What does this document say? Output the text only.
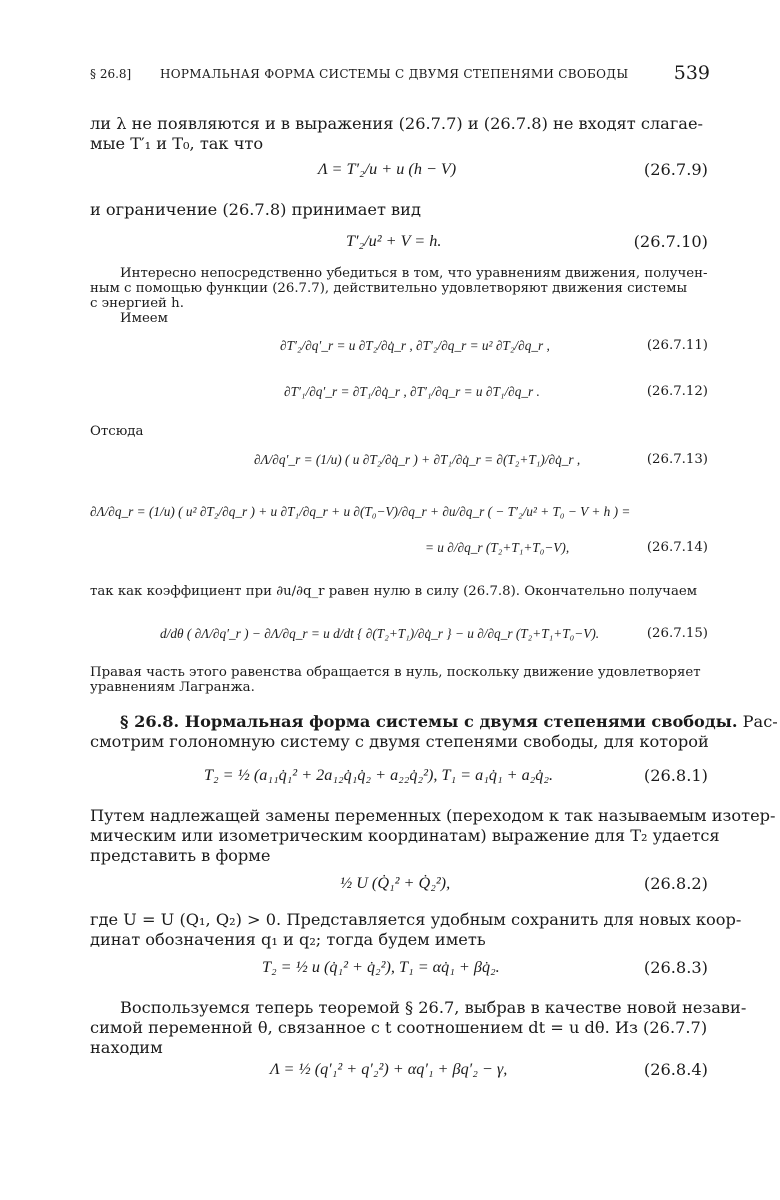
§ 26.8] НОРМАЛЬНАЯ ФОРМА СИСТЕМЫ С ДВУМЯ СТЕПЕНЯМИ СВОБОДЫ 539
ли λ не появляются и в выражения (26.7.7) и (26.7.8) не входят слагае-
мые T′₁ и T₀, так что
Λ = T′₂/u + u (h − V)	(26.7.9)
и ограничение (26.7.8) принимает вид
T′₂/u² + V = h.	(26.7.10)
Интересно непосредственно убедиться в том, что уравнениям движения, получен-
ным с помощью функции (26.7.7), действительно удовлетворяют движения системы
с энергией h.
Имеем
∂T′₂/∂q′_r = u ∂T₂/∂q̇_r , ∂T′₂/∂q_r = u² ∂T₂/∂q_r ,	(26.7.11)
∂T′₁/∂q′_r = ∂T₁/∂q̇_r , ∂T′₁/∂q_r = u ∂T₁/∂q_r .	(26.7.12)
Отсюда
∂Λ/∂q′_r = (1/u) ( u ∂T₂/∂q̇_r ) + ∂T₁/∂q̇_r = ∂(T₂+T₁)/∂q̇_r ,	(26.7.13)
∂Λ/∂q_r = (1/u) ( u² ∂T₂/∂q_r ) + u ∂T₁/∂q_r + u ∂(T₀−V)/∂q_r + ∂u/∂q_r ( − T′₂/u² + T₀ − V + h ) =
= u ∂/∂q_r (T₂+T₁+T₀−V),	(26.7.14)
так как коэффициент при ∂u/∂q_r равен нулю в силу (26.7.8). Окончательно получаем
d/dθ ( ∂Λ/∂q′_r ) − ∂Λ/∂q_r = u d/dt { ∂(T₂+T₁)/∂q̇_r } − u ∂/∂q_r (T₂+T₁+T₀−V).	(26.7.15)
Правая часть этого равенства обращается в нуль, поскольку движение удовлетворяет
уравнениям Лагранжа.
§ 26.8. Нормальная форма системы с двумя степенями свободы. Рас-
смотрим голономную систему с двумя степенями свободы, для которой
T₂ = ½ (a₁₁q̇₁² + 2a₁₂q̇₁q̇₂ + a₂₂q̇₂²), T₁ = a₁q̇₁ + a₂q̇₂.	(26.8.1)
Путем надлежащей замены переменных (переходом к так называемым изотер-
мическим или изометрическим координатам) выражение для T₂ удается
представить в форме
½ U (Q̇₁² + Q̇₂²),	(26.8.2)
где U = U (Q₁, Q₂) > 0. Представляется удобным сохранить для новых коор-
динат обозначения q₁ и q₂; тогда будем иметь
T₂ = ½ u (q̇₁² + q̇₂²), T₁ = αq̇₁ + βq̇₂.	(26.8.3)
Воспользуемся теперь теоремой § 26.7, выбрав в качестве новой незави-
симой переменной θ, связанное с t соотношением dt = u dθ. Из (26.7.7)
находим
Λ = ½ (q′₁² + q′₂²) + αq′₁ + βq′₂ − γ,	(26.8.4)
